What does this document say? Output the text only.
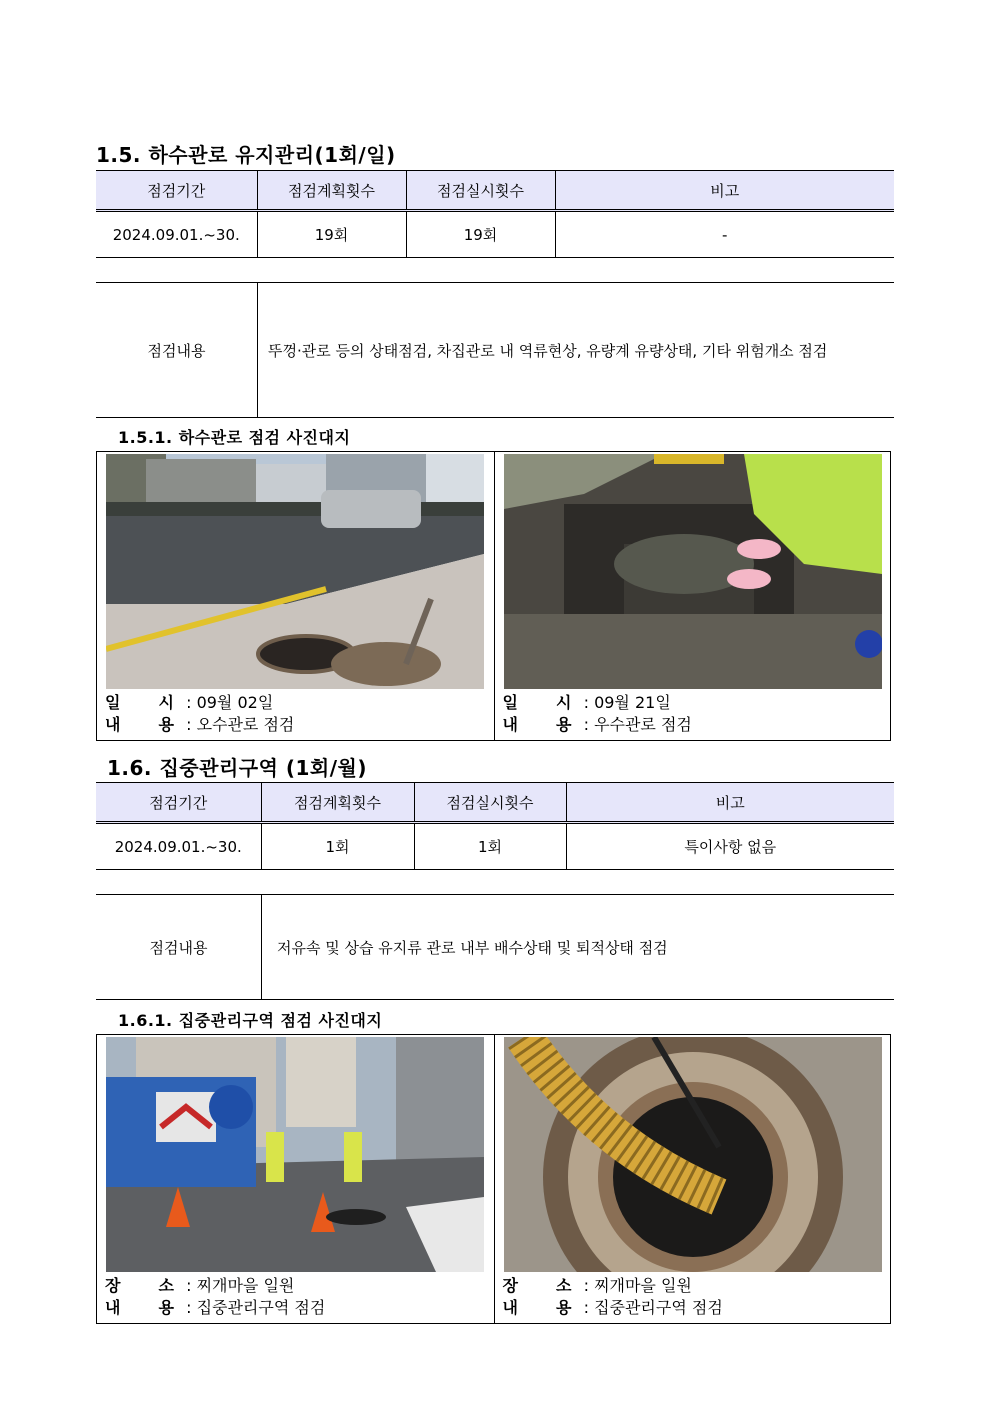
1.5. 하수관로 유지관리(1회/일)
점검기간	점검계획횟수	점검실시횟수	비고
2024.09.01.~30.	19회	19회	-
점검내용	뚜껑·관로 등의 상태점검, 차집관로 내 역류현상, 유량계 유량상태, 기타 위험개소 점검
1.5.1. 하수관로 점검 사진대지
일 시 : 09월 02일
내 용 : 오수관로 점검
일 시 : 09월 21일
내 용 : 우수관로 점검
1.6. 집중관리구역 (1회/월)
점검기간	점검계획횟수	점검실시횟수	비고
2024.09.01.~30.	1회	1회	특이사항 없음
점검내용	저유속 및 상습 유지류 관로 내부 배수상태 및 퇴적상태 점검
1.6.1. 집중관리구역 점검 사진대지
장 소 : 찌개마을 일원
내 용 : 집중관리구역 점검
장 소 : 찌개마을 일원
내 용 : 집중관리구역 점검
